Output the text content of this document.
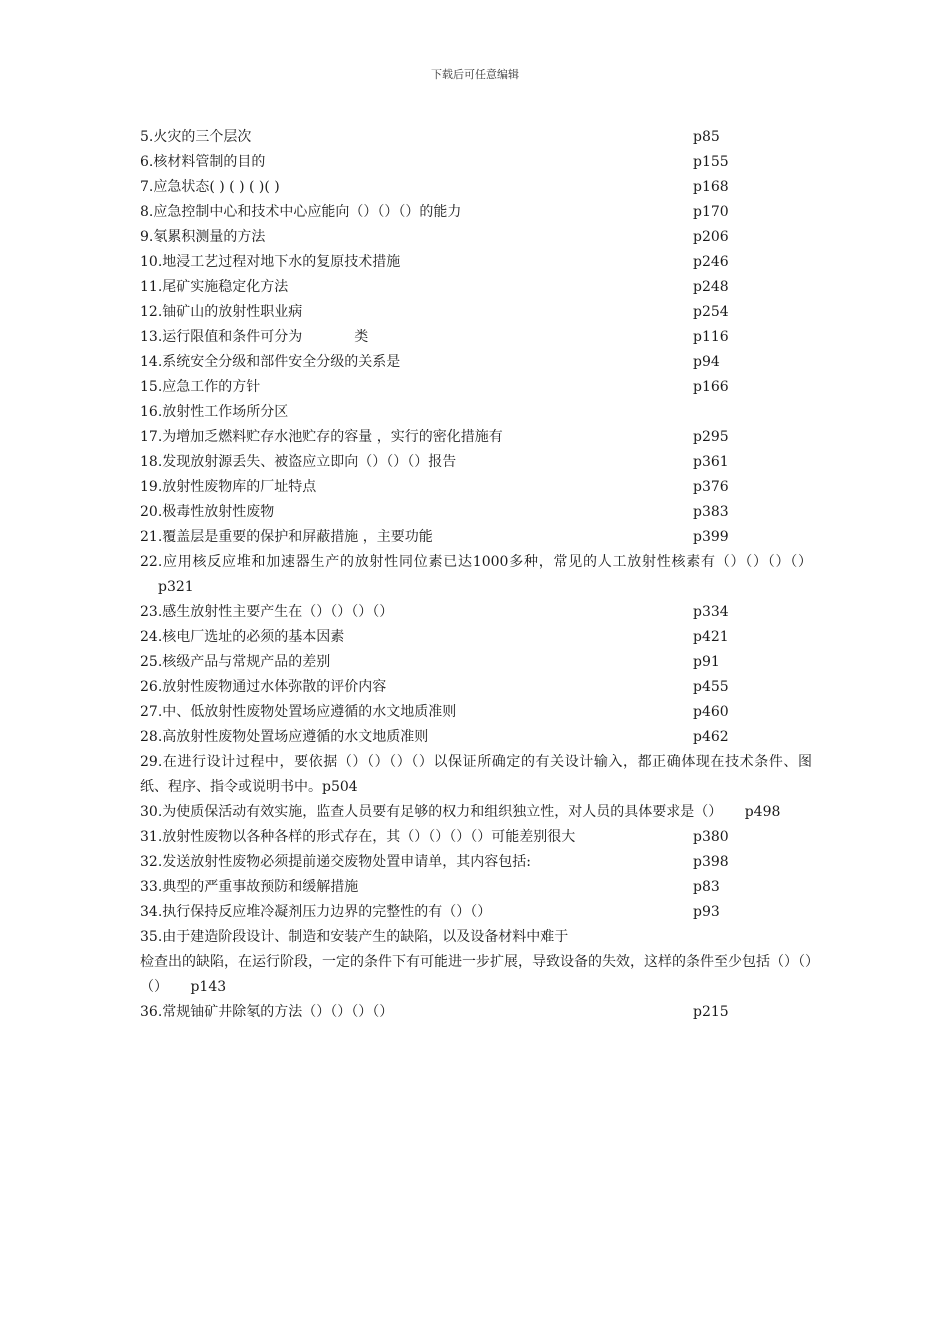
下载后可任意编辑
5.火灾的三个层次	p85
6.核材料管制的目的	p155
7.应急状态( ) ( ) ( )( )	p168
8.应急控制中心和技术中心应能向（）（）（）的能力	p170
9.氡累积测量的方法	p206
10.地浸工艺过程对地下水的复原技术措施	p246
11.尾矿实施稳定化方法	p248
12.铀矿山的放射性职业病	p254
13.运行限值和条件可分为	类	p116
14.系统安全分级和部件安全分级的关系是	p94
15.应急工作的方针	p166
16.放射性工作场所分区
17.为增加乏燃料贮存水池贮存的容量 ，实行的密化措施有	p295
18.发现放射源丢失、被盗应立即向（）（）（）报告	p361
19.放射性废物库的厂址特点	p376
20.极毒性放射性废物	p383
21.覆盖层是重要的保护和屏蔽措施 ，主要功能	p399
22.应用核反应堆和加速器生产的放射性同位素已达1000多种，常见的人工放射性核素有（）（）（）（） p321
23.感生放射性主要产生在（）（）（）（）	p334
24.核电厂选址的必须的基本因素	p421
25.核级产品与常规产品的差别	p91
26.放射性废物通过水体弥散的评价内容	p455
27.中、低放射性废物处置场应遵循的水文地质准则	p460
28.高放射性废物处置场应遵循的水文地质准则	p462
29.在进行设计过程中，要依据（）（）（）（）以保证所确定的有关设计输入，都正确体现在技术条件、图纸、程序、指令或说明书中。p504
30.为使质保活动有效实施，监查人员要有足够的权力和组织独立性，对人员的具体要求是（） p498
31.放射性废物以各种各样的形式存在，其（）（）（）（）可能差别很大	p380
32.发送放射性废物必须提前递交废物处置申请单，其内容包括:	p398
33.典型的严重事故预防和缓解措施	p83
34.执行保持反应堆冷凝剂压力边界的完整性的有（）（）	p93
35.由于建造阶段设计、制造和安装产生的缺陷，以及设备材料中难于
检查出的缺陷，在运行阶段，一定的条件下有可能进一步扩展，导致设备的失效，这样的条件至少包括（）（）（） p143
36.常规铀矿井除氡的方法（）（）（）（）	p215
